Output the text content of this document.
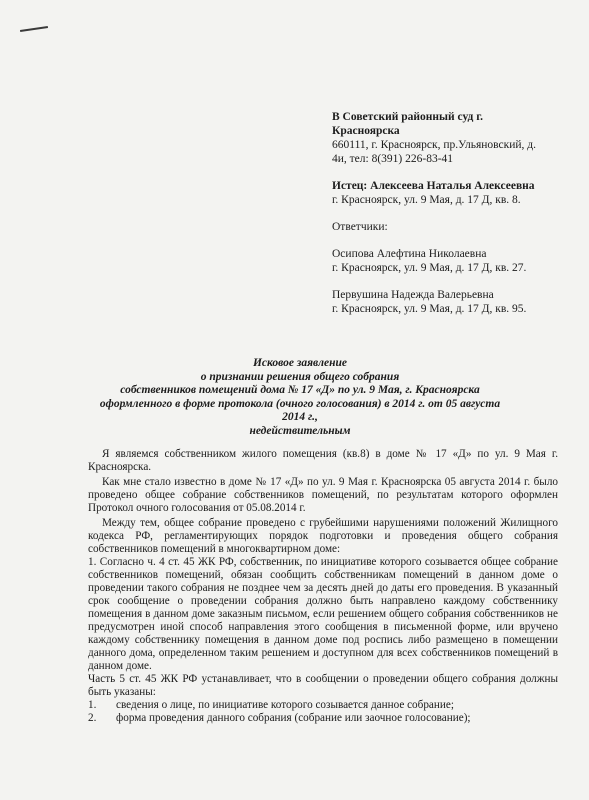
В Советский районный суд г.
Красноярска
660111, г. Красноярск, пр.Ульяновский, д.
4и, тел: 8(391) 226-83-41
Истец: Алексеева Наталья Алексеевна
г. Красноярск, ул. 9 Мая, д. 17 Д, кв. 8.
Ответчики:
Осипова Алефтина Николаевна
г. Красноярск, ул. 9 Мая, д. 17 Д, кв. 27.
Первушина Надежда Валерьевна
г. Красноярск, ул. 9 Мая, д. 17 Д, кв. 95.
Исковое заявление
о признании решения общего собрания
собственников помещений дома № 17 «Д» по ул. 9 Мая, г. Красноярска
оформленного в форме протокола (очного голосования) в 2014 г. от 05 августа 2014 г.,
недействительным

Я являемся собственником жилого помещения (кв.8) в доме № 17 «Д» по ул. 9 Мая г. Красноярска.

Как мне стало известно в доме № 17 «Д» по ул. 9 Мая г. Красноярска 05 августа 2014 г. было проведено общее собрание собственников помещений, по результатам которого оформлен Протокол очного голосования от 05.08.2014 г.

Между тем, общее собрание проведено с грубейшими нарушениями положений Жилищного кодекса РФ, регламентирующих порядок подготовки и проведения общего собрания собственников помещений в многоквартирном доме:

1. Согласно ч. 4 ст. 45 ЖК РФ, собственник, по инициативе которого созывается общее собрание собственников помещений, обязан сообщить собственникам помещений в данном доме о проведении такого собрания не позднее чем за десять дней до даты его проведения. В указанный срок сообщение о проведении собрания должно быть направлено каждому собственнику помещения в данном доме заказным письмом, если решением общего собрания собственников не предусмотрен иной способ направления этого сообщения в письменной форме, или вручено каждому собственнику помещения в данном доме под роспись либо размещено в помещении данного дома, определенном таким решением и доступном для всех собственников помещений в данном доме.

Часть 5 ст. 45 ЖК РФ устанавливает, что в сообщении о проведении общего собрания должны быть указаны:

1.	сведения о лице, по инициативе которого созывается данное собрание;
2.	форма проведения данного собрания (собрание или заочное голосование);
